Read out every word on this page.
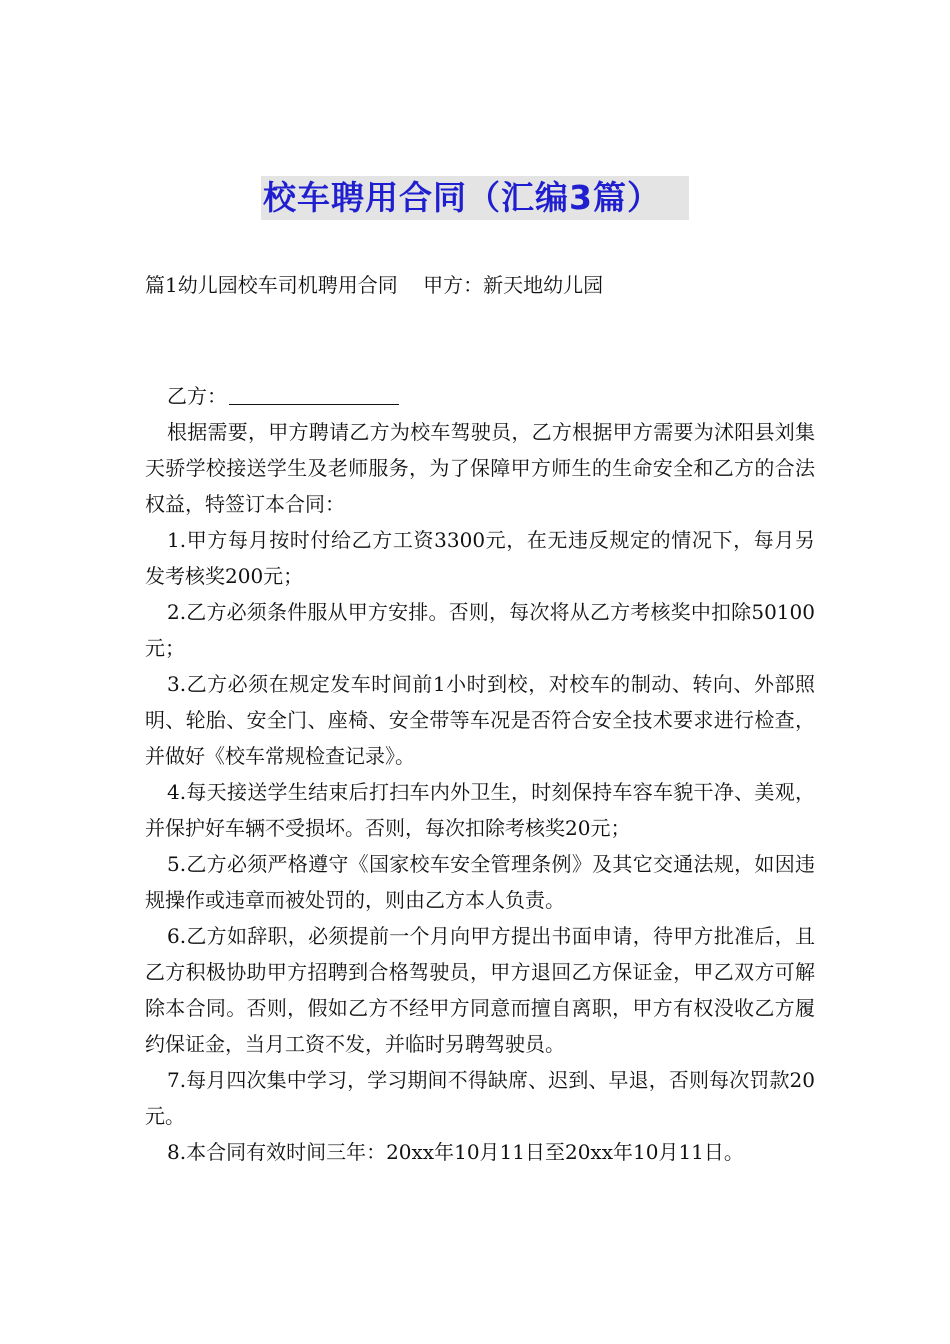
校车聘用合同（汇编3篇）
篇1幼儿园校车司机聘用合同    甲方：新天地幼儿园
乙方：

根据需要，甲方聘请乙方为校车驾驶员，乙方根据甲方需要为沭阳县刘集天骄学校接送学生及老师服务，为了保障甲方师生的生命安全和乙方的合法权益，特签订本合同：

1.甲方每月按时付给乙方工资3300元，在无违反规定的情况下，每月另发考核奖200元；

2.乙方必须条件服从甲方安排。否则，每次将从乙方考核奖中扣除50100元；

3.乙方必须在规定发车时间前1小时到校，对校车的制动、转向、外部照明、轮胎、安全门、座椅、安全带等车况是否符合安全技术要求进行检查，并做好《校车常规检查记录》。

4.每天接送学生结束后打扫车内外卫生，时刻保持车容车貌干净、美观，并保护好车辆不受损坏。否则，每次扣除考核奖20元；

5.乙方必须严格遵守《国家校车安全管理条例》及其它交通法规，如因违规操作或违章而被处罚的，则由乙方本人负责。

6.乙方如辞职，必须提前一个月向甲方提出书面申请，待甲方批准后，且乙方积极协助甲方招聘到合格驾驶员，甲方退回乙方保证金，甲乙双方可解除本合同。否则，假如乙方不经甲方同意而擅自离职，甲方有权没收乙方履约保证金，当月工资不发，并临时另聘驾驶员。

7.每月四次集中学习，学习期间不得缺席、迟到、早退，否则每次罚款20元。

8.本合同有效时间三年：20xx年10月11日至20xx年10月11日。
